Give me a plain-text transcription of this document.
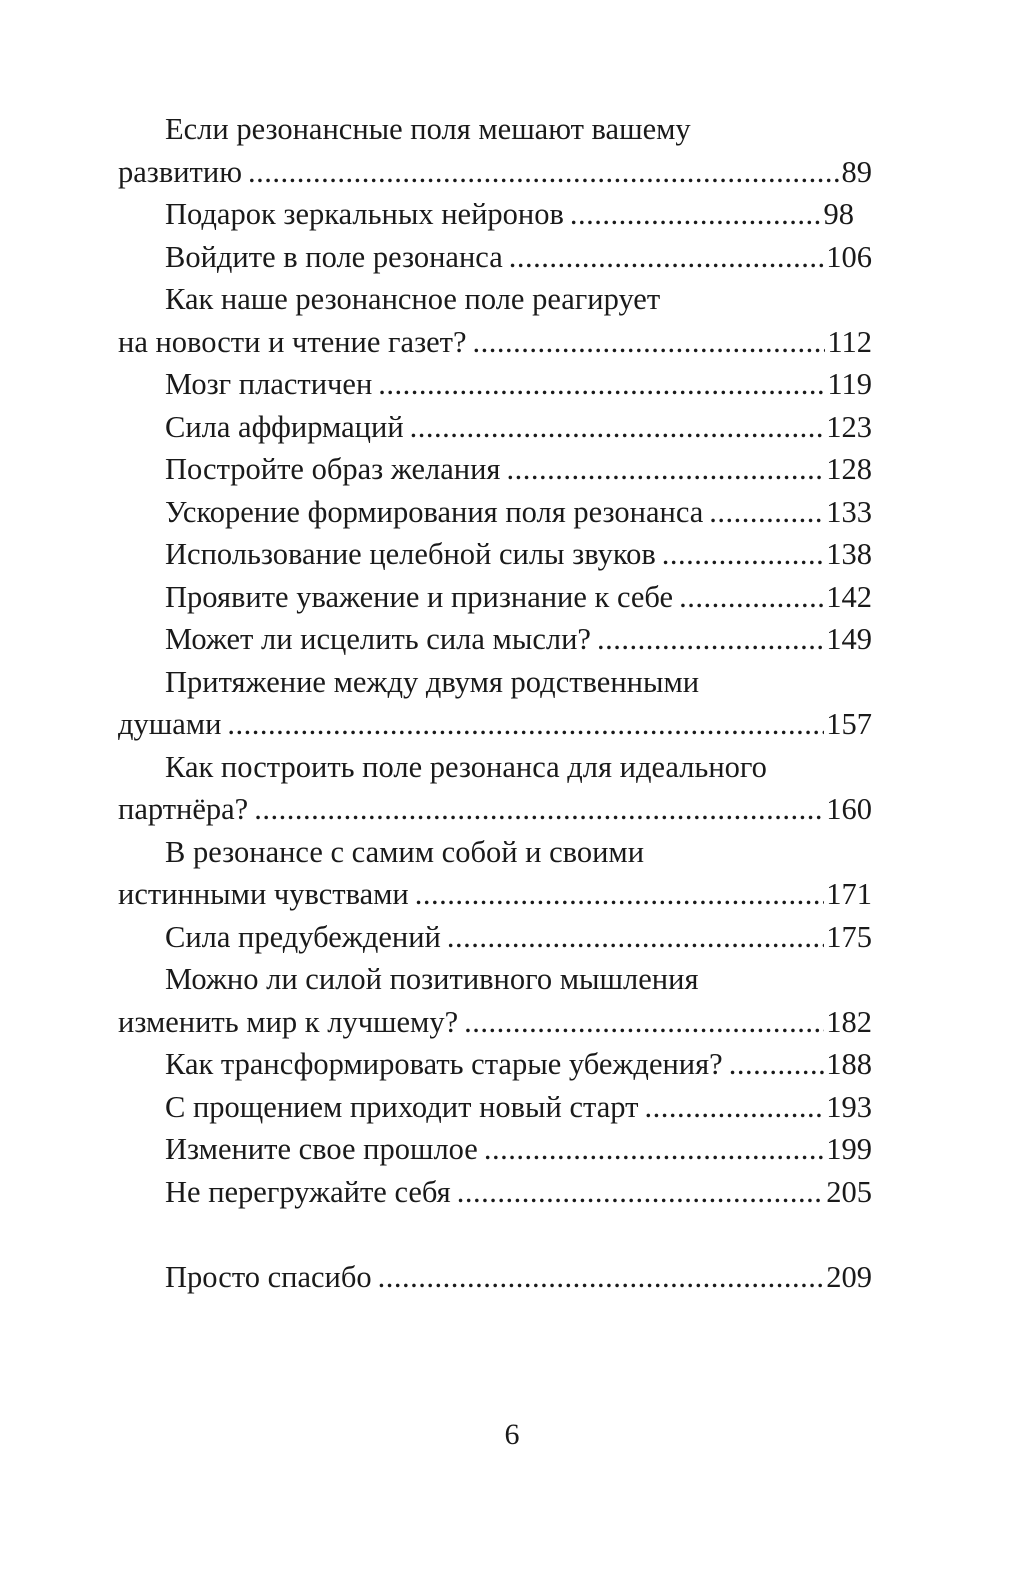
Если резонансные поля мешают вашему
развитию .....	89
Подарок зеркальных нейронов .....	98
Войдите в поле резонанса .....	106
Как наше резонансное поле реагирует
на новости и чтение газет? .....	112
Мозг пластичен .....	119
Сила аффирмаций .....	123
Постройте образ желания .....	128
Ускорение формирования поля резонанса .....	133
Использование целебной силы звуков .....	138
Проявите уважение и признание к себе .....	142
Может ли исцелить сила мысли? .....	149
Притяжение между двумя родственными
душами .....	157
Как построить поле резонанса для идеального
партнёра? .....	160
В резонансе с самим собой и своими
истинными чувствами .....	171
Сила предубеждений .....	175
Можно ли силой позитивного мышления
изменить мир к лучшему? .....	182
Как трансформировать старые убеждения? .....	188
С прощением приходит новый старт .....	193
Измените свое прошлое .....	199
Не перегружайте себя .....	205
Просто спасибо .....	209
6
